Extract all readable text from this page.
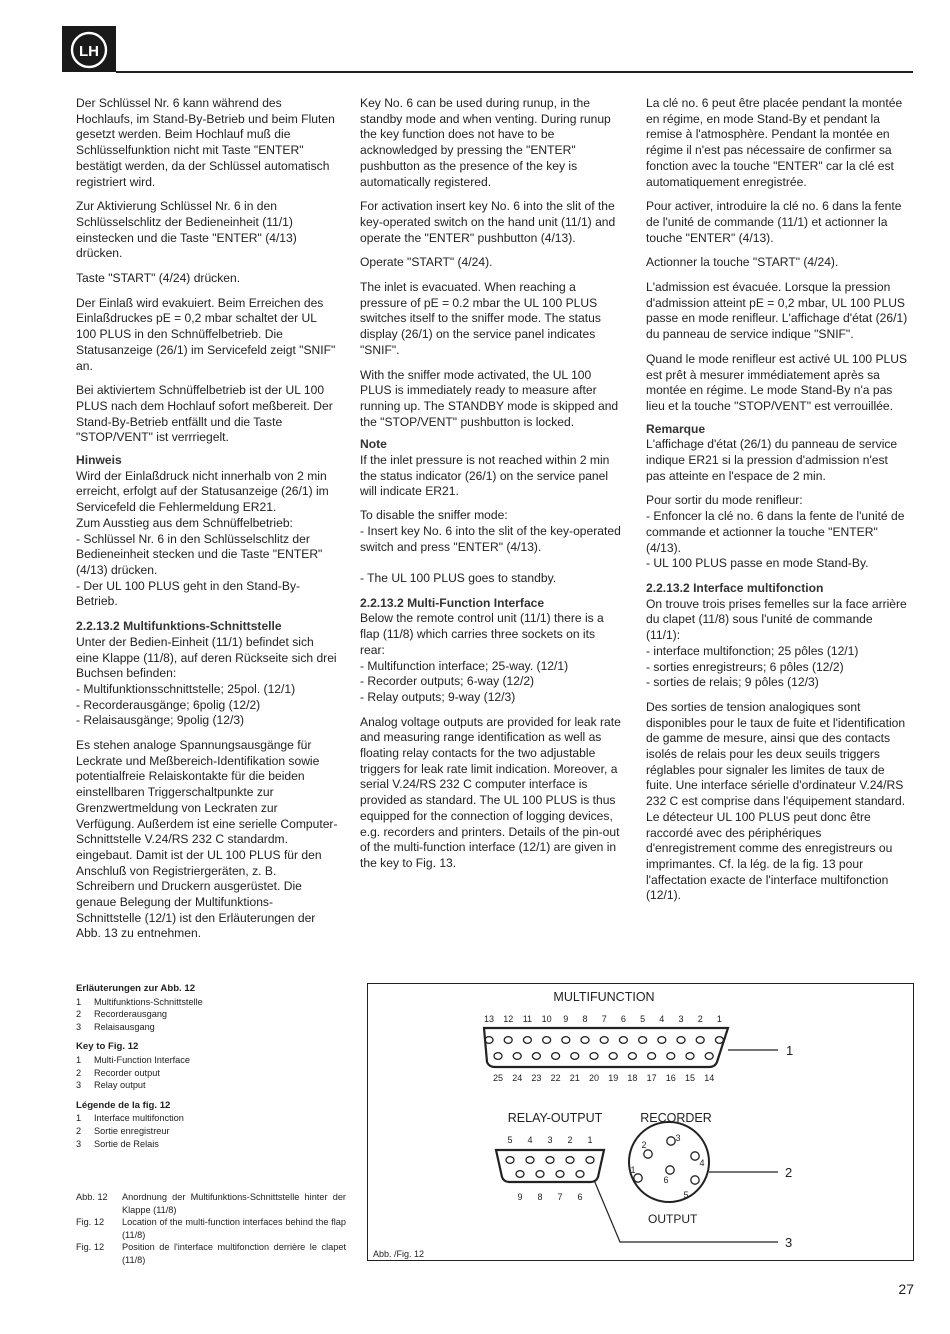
LH

Der Schlüssel Nr. 6 kann während des Hochlaufs, im Stand-By-Betrieb und beim Fluten gesetzt werden. Beim Hochlauf muß die Schlüsselfunktion nicht mit Taste "ENTER" bestätigt werden, da der Schlüssel automatisch registriert wird.

Zur Aktivierung Schlüssel Nr. 6 in den Schlüsselschlitz der Bedieneinheit (11/1) einstecken und die Taste "ENTER" (4/13) drücken.

Taste "START" (4/24) drücken.

Der Einlaß wird evakuiert. Beim Erreichen des Einlaßdruckes pE = 0,2 mbar schaltet der UL 100 PLUS in den Schnüffelbetrieb. Die Statusanzeige (26/1) im Servicefeld zeigt "SNIF" an.

Bei aktiviertem Schnüffelbetrieb ist der UL 100 PLUS nach dem Hochlauf sofort meßbereit. Der Stand-By-Betrieb entfällt und die Taste "STOP/VENT" ist verrriegelt.

Hinweis

Wird der Einlaßdruck nicht innerhalb von 2 min erreicht, erfolgt auf der Statusanzeige (26/1) im Servicefeld die Fehlermeldung ER21.

Zum Ausstieg aus dem Schnüffelbetrieb:
- Schlüssel Nr. 6 in den Schlüsselschlitz der Bedieneinheit stecken und die Taste "ENTER" (4/13) drücken.
- Der UL 100 PLUS geht in den Stand-By-Betrieb.

2.2.13.2 Multifunktions-Schnittstelle

Unter der Bedien-Einheit (11/1) befindet sich eine Klappe (11/8), auf deren Rückseite sich drei Buchsen befinden:
- Multifunktionsschnittstelle; 25pol. (12/1)
- Recorderausgänge; 6polig (12/2)
- Relaisausgänge; 9polig (12/3)

Es stehen analoge Spannungsausgänge für Leckrate und Meßbereich-Identifikation sowie potentialfreie Relaiskontakte für die beiden einstellbaren Triggerschaltpunkte zur Grenzwertmeldung von Leckraten zur Verfügung. Außerdem ist eine serielle Computer-Schnittstelle V.24/RS 232 C standardm. eingebaut. Damit ist der UL 100 PLUS für den Anschluß von Registriergeräten, z. B. Schreibern und Druckern ausgerüstet. Die genaue Belegung der Multifunktions-Schnittstelle (12/1) ist den Erläuterungen der Abb. 13 zu entnehmen.

Key No. 6 can be used during runup, in the standby mode and when venting. During runup the key function does not have to be acknowledged by pressing the "ENTER" pushbutton as the presence of the key is automatically registered.

For activation insert key No. 6 into the slit of the key-operated switch on the hand unit (11/1) and operate the "ENTER" pushbutton (4/13).

Operate "START" (4/24).

The inlet is evacuated. When reaching a pressure of pE = 0.2 mbar the UL 100 PLUS switches itself to the sniffer mode. The status display (26/1) on the service panel indicates "SNIF".

With the sniffer mode activated, the UL 100 PLUS is immediately ready to measure after running up. The STANDBY mode is skipped and the "STOP/VENT" pushbutton is locked.

Note

If the inlet pressure is not reached within 2 min the status indicator (26/1) on the service panel will indicate ER21.

To disable the sniffer mode:
- Insert key No. 6 into the slit of the key-operated switch and press "ENTER" (4/13).

- The UL 100 PLUS goes to standby.

2.2.13.2 Multi-Function Interface

Below the remote control unit (11/1) there is a flap (11/8) which carries three sockets on its rear:
- Multifunction interface; 25-way. (12/1)
- Recorder outputs; 6-way (12/2)
- Relay outputs; 9-way (12/3)

Analog voltage outputs are provided for leak rate and measuring range identification as well as floating relay contacts for the two adjustable triggers for leak rate limit indication. Moreover, a serial V.24/RS 232 C computer interface is provided as standard. The UL 100 PLUS is thus equipped for the connection of logging devices, e.g. recorders and printers. Details of the pin-out of the multi-function interface (12/1) are given in the key to Fig. 13.

La clé no. 6 peut être placée pendant la montée en régime, en mode Stand-By et pendant la remise à l'atmosphère. Pendant la montée en régime il n'est pas nécessaire de confirmer sa fonction avec la touche "ENTER" car la clé est automatiquement enregistrée.

Pour activer, introduire la clé no. 6 dans la fente de l'unité de commande (11/1) et actionner la touche "ENTER" (4/13).

Actionner la touche "START" (4/24).

L'admission est évacuée. Lorsque la pression d'admission atteint pE = 0,2 mbar, UL 100 PLUS passe en mode renifleur. L'affichage d'état (26/1) du panneau de service indique "SNIF".

Quand le mode renifleur est activé UL 100 PLUS est prêt à mesurer immédiatement après sa montée en régime. Le mode Stand-By n'a pas lieu et la touche "STOP/VENT" est verrouillée.

Remarque

L'affichage d'état (26/1) du panneau de service indique ER21 si la pression d'admission n'est pas atteinte en l'espace de 2 min.

Pour sortir du mode renifleur:
- Enfoncer la clé no. 6 dans la fente de l'unité de commande et actionner la touche "ENTER" (4/13).
- UL 100 PLUS passe en mode Stand-By.

2.2.13.2 Interface multifonction

On trouve trois prises femelles sur la face arrière du clapet (11/8) sous l'unité de commande (11/1):
- interface multifonction; 25 pôles (12/1)
- sorties enregistreurs; 6 pôles (12/2)
- sorties de relais; 9 pôles (12/3)

Des sorties de tension analogiques sont disponibles pour le taux de fuite et l'identification de gamme de mesure, ainsi que des contacts isolés de relais pour les deux seuils triggers réglables pour signaler les limites de taux de fuite. Une interface sérielle d'ordinateur V.24/RS 232 C est comprise dans l'équipement standard. Le détecteur UL 100 PLUS peut donc être raccordé avec des périphériques d'enregistrement comme des enregistreurs ou imprimantes. Cf. la lég. de la fig. 13 pour l'affectation exacte de l'interface multifonction (12/1).

Erläuterungen zur Abb. 12
1	Multifunktions-Schnittstelle
2	Recorderausgang
3	Relaisausgang
Key to Fig. 12
1	Multi-Function Interface
2	Recorder output
3	Relay output
Légende de la fig. 12
1	Interface multifonction
2	Sortie enregistreur
3	Sortie de Relais
Abb. 12	Anordnung der Multifunktions-Schnittstelle hinter der Klappe (11/8)
Fig. 12	Location of the multi-function interfaces behind the flap (11/8)
Fig. 12	Position de l'interface multifonction derrière le clapet (11/8)
MULTIFUNCTION
13 12 11 10 9 8 7 6 5 4 3 2 1
25 24 23 22 21 20 19 18 17 16 15 14
1
RELAY-OUTPUT
5 4 3 2 1
9 8 7 6
RECORDER
1
2
3
4
5
6	2
OUTPUT
3
Abb. /Fig. 12
27
